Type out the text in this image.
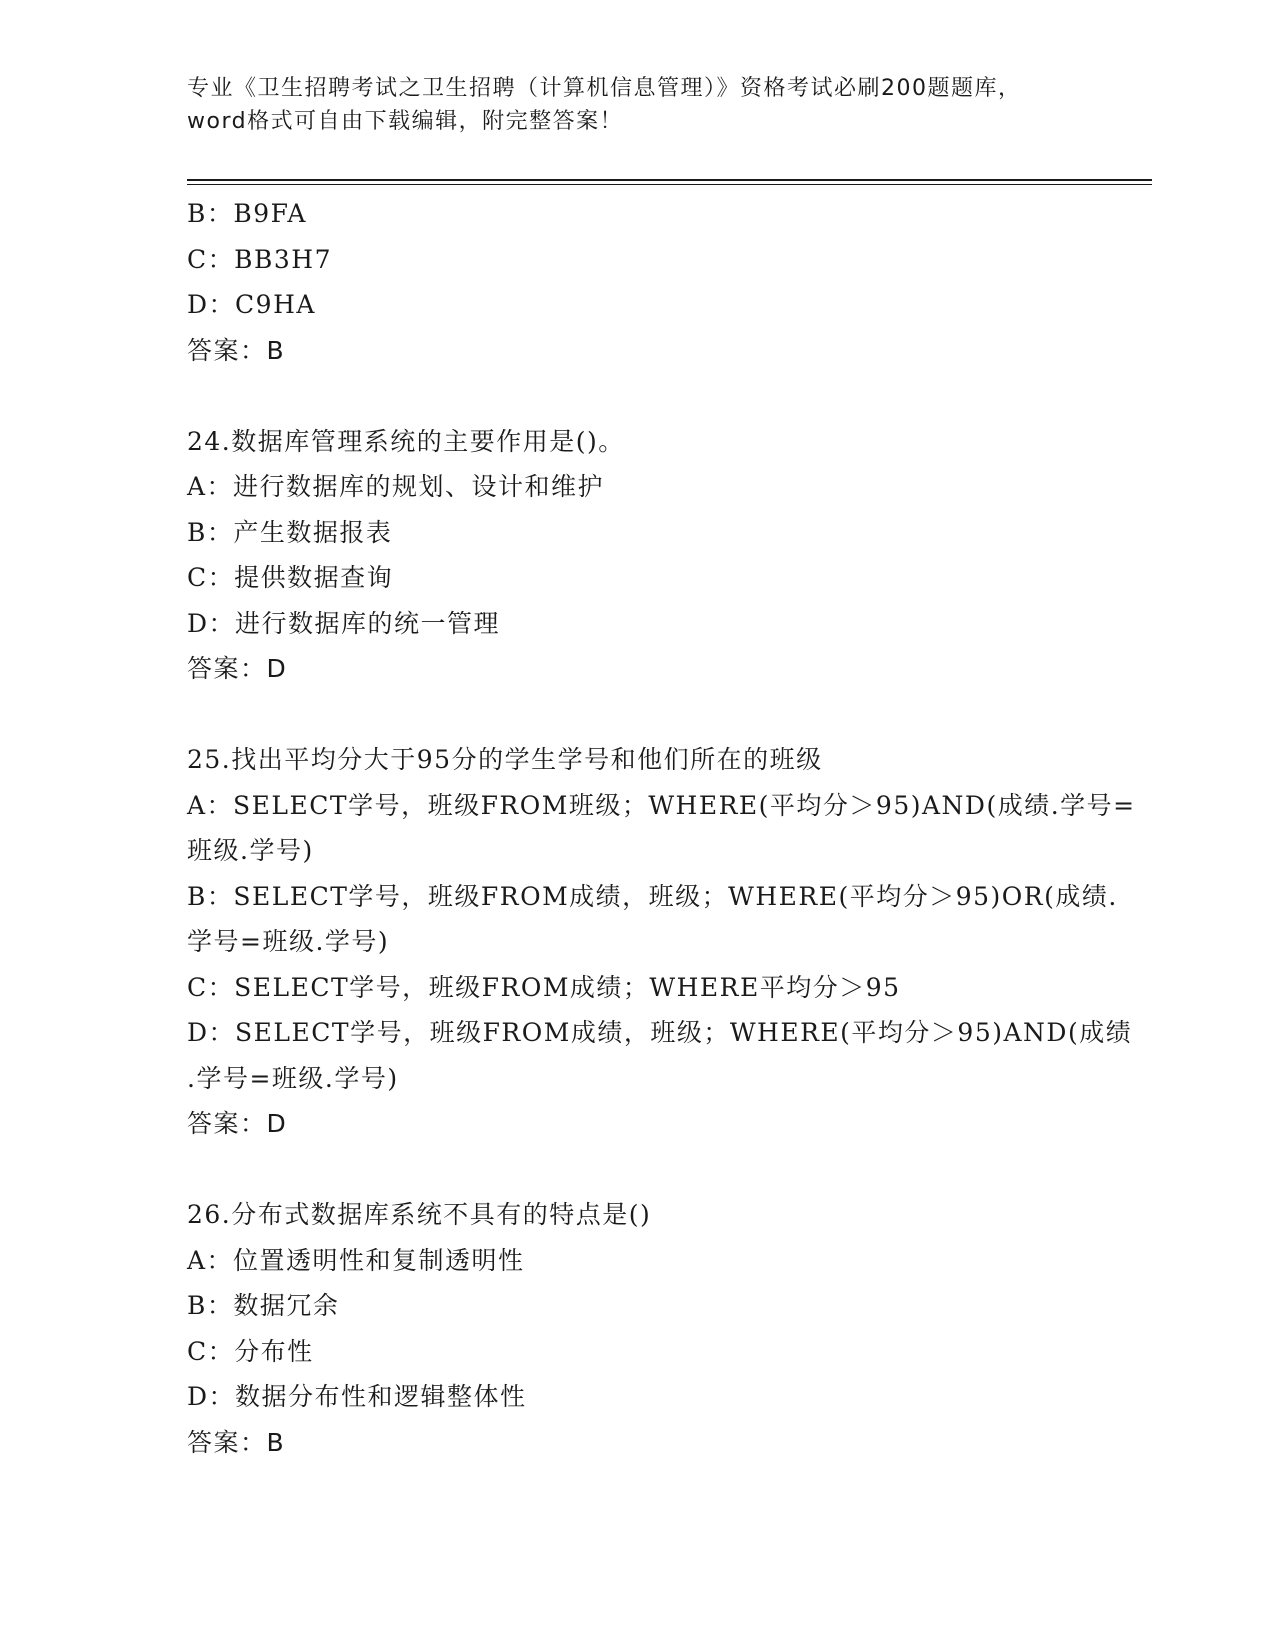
专业《卫生招聘考试之卫生招聘（计算机信息管理）》资格考试必刷200题题库，
word格式可自由下载编辑，附完整答案！
B：B9FA
C：BB3H7
D：C9HA
答案：B
24.数据库管理系统的主要作用是()。
A：进行数据库的规划、设计和维护
B：产生数据报表
C：提供数据查询
D：进行数据库的统一管理
答案：D
25.找出平均分大于95分的学生学号和他们所在的班级
A：SELECT学号，班级FROM班级；WHERE(平均分＞95)AND(成绩.学号=
班级.学号)
B：SELECT学号，班级FROM成绩，班级；WHERE(平均分＞95)OR(成绩.
学号=班级.学号)
C：SELECT学号，班级FROM成绩；WHERE平均分＞95
D：SELECT学号，班级FROM成绩，班级；WHERE(平均分＞95)AND(成绩
.学号=班级.学号)
答案：D
26.分布式数据库系统不具有的特点是()
A：位置透明性和复制透明性
B：数据冗余
C：分布性
D：数据分布性和逻辑整体性
答案：B
